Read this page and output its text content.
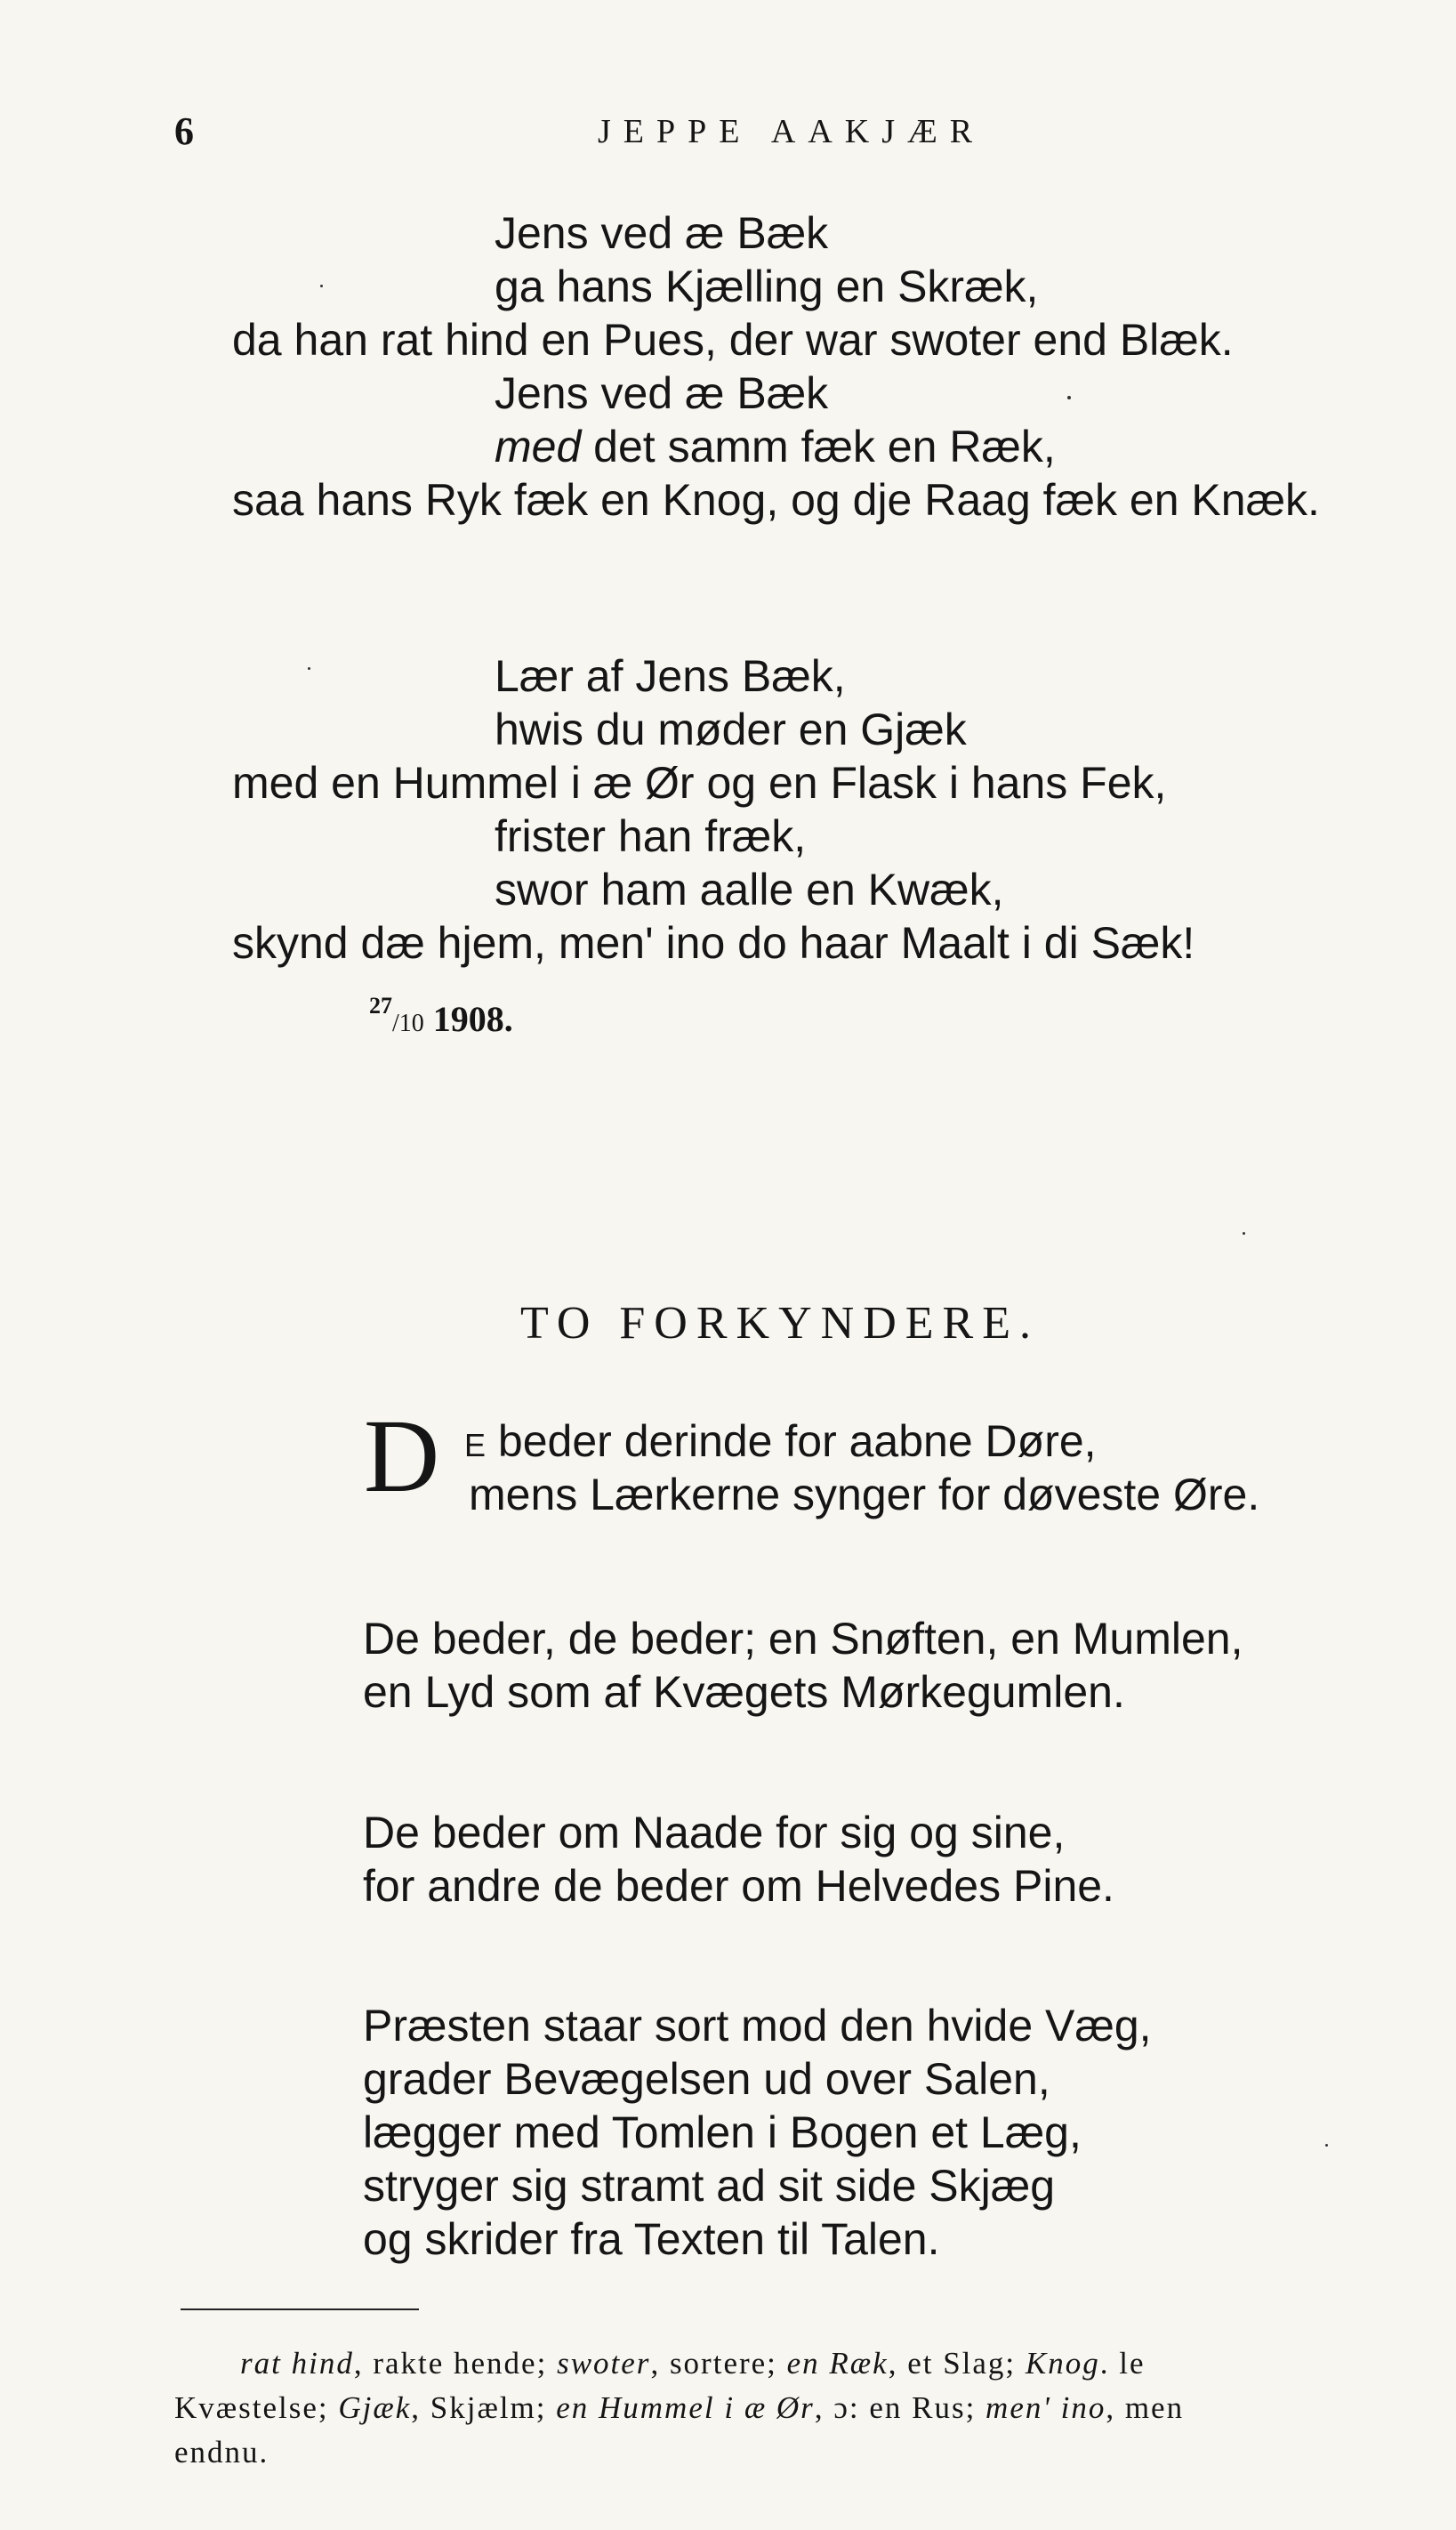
6	JEPPE AAKJÆR
Jens ved æ Bæk
ga hans Kjælling en Skræk,
da han rat hind en Pues, der war swoter end Blæk.
Jens ved æ Bæk
med det samm fæk en Ræk,
saa hans Ryk fæk en Knog, og dje Raag fæk en Knæk.
Lær af Jens Bæk,
hwis du møder en Gjæk
med en Hummel i æ Ør og en Flask i hans Fek,
frister han fræk,
swor ham aalle en Kwæk,
skynd dæ hjem, men' ino do haar Maalt i di Sæk!
$^{27}$/10 1908.
TO FORKYNDERE.
D E beder derinde for aabne Døre,
mens Lærkerne synger for døveste Øre.
De beder, de beder; en Snøften, en Mumlen,
en Lyd som af Kvægets Mørkegumlen.
De beder om Naade for sig og sine,
for andre de beder om Helvedes Pine.
Præsten staar sort mod den hvide Væg,
grader Bevægelsen ud over Salen,
lægger med Tomlen i Bogen et Læg,
stryger sig stramt ad sit side Skjæg
og skrider fra Texten til Talen.
rat hind, rakte hende; swoter, sortere; en Ræk, et Slag; Knog. le
Kvæstelse; Gjæk, Skjælm; en Hummel i æ Ør, ɔ: en Rus; men' ino, men
endnu.
